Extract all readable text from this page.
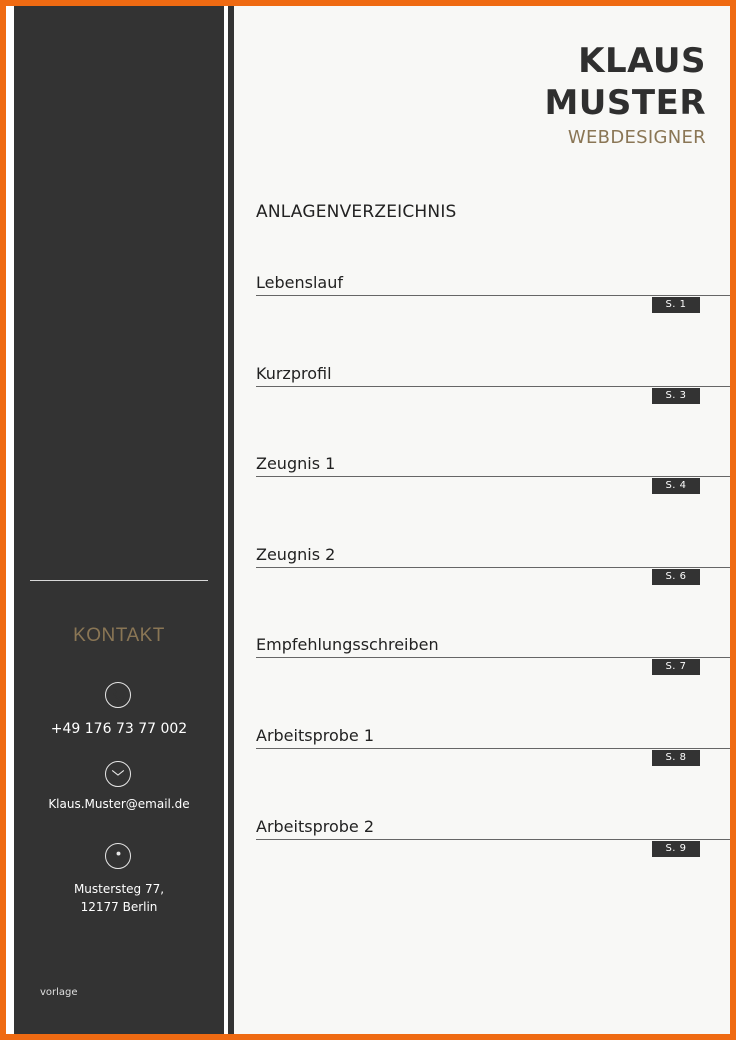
KONTAKT
+49 176 73 77 002
Klaus.Muster@email.de
Mustersteg 77,
12177 Berlin
vorlage
KLAUS
MUSTER
WEBDESIGNER
ANLAGENVERZEICHNIS
Lebenslauf
S. 1
Kurzprofil
S. 3
Zeugnis 1
S. 4
Zeugnis 2
S. 6
Empfehlungsschreiben
S. 7
Arbeitsprobe 1
S. 8
Arbeitsprobe 2
S. 9
